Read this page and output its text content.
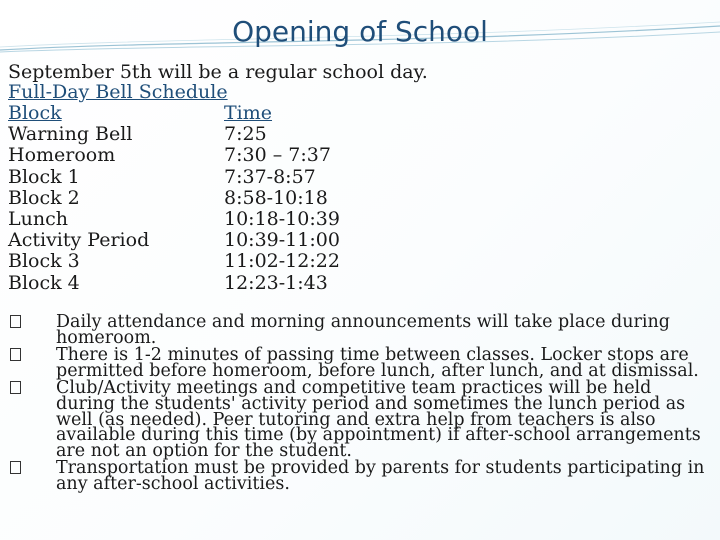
Opening of School
September 5th will be a regular school day.
Full-Day Bell Schedule
Block	Time
Warning Bell	7:25
Homeroom	7:30 – 7:37
Block 1	7:37-8:57
Block 2	8:58-10:18
Lunch	10:18-10:39
Activity Period	10:39-11:00
Block 3	11:02-12:22
Block 4	12:23-1:43
Daily attendance and morning announcements will take place during homeroom.
There is 1-2 minutes of passing time between classes. Locker stops are permitted before homeroom, before lunch, after lunch, and at dismissal.
Club/Activity meetings and competitive team practices will be held during the students' activity period and sometimes the lunch period as well (as needed). Peer tutoring and extra help from teachers is also available during this time (by appointment) if after-school arrangements are not an option for the student.
Transportation must be provided by parents for students participating in any after-school activities.
